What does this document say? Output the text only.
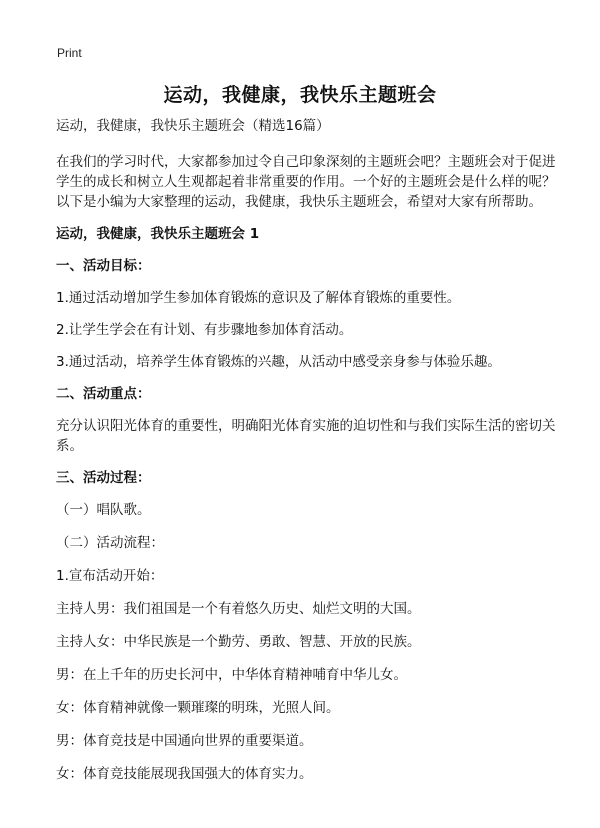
Print
运动，我健康，我快乐主题班会

运动，我健康，我快乐主题班会（精选16篇）

在我们的学习时代，大家都参加过令自己印象深刻的主题班会吧？主题班会对于促进学生的成长和树立人生观都起着非常重要的作用。一个好的主题班会是什么样的呢？以下是小编为大家整理的运动，我健康，我快乐主题班会，希望对大家有所帮助。

运动，我健康，我快乐主题班会 1

一、活动目标：

1.通过活动增加学生参加体育锻炼的意识及了解体育锻炼的重要性。

2.让学生学会在有计划、有步骤地参加体育活动。

3.通过活动，培养学生体育锻炼的兴趣，从活动中感受亲身参与体验乐趣。

二、活动重点：

充分认识阳光体育的重要性，明确阳光体育实施的迫切性和与我们实际生活的密切关系。

三、活动过程：

（一）唱队歌。

（二）活动流程：

1.宣布活动开始：

主持人男：我们祖国是一个有着悠久历史、灿烂文明的大国。

主持人女：中华民族是一个勤劳、勇敢、智慧、开放的民族。

男：在上千年的历史长河中，中华体育精神哺育中华儿女。

女：体育精神就像一颗璀璨的明珠，光照人间。

男：体育竞技是中国通向世界的重要渠道。

女：体育竞技能展现我国强大的体育实力。
